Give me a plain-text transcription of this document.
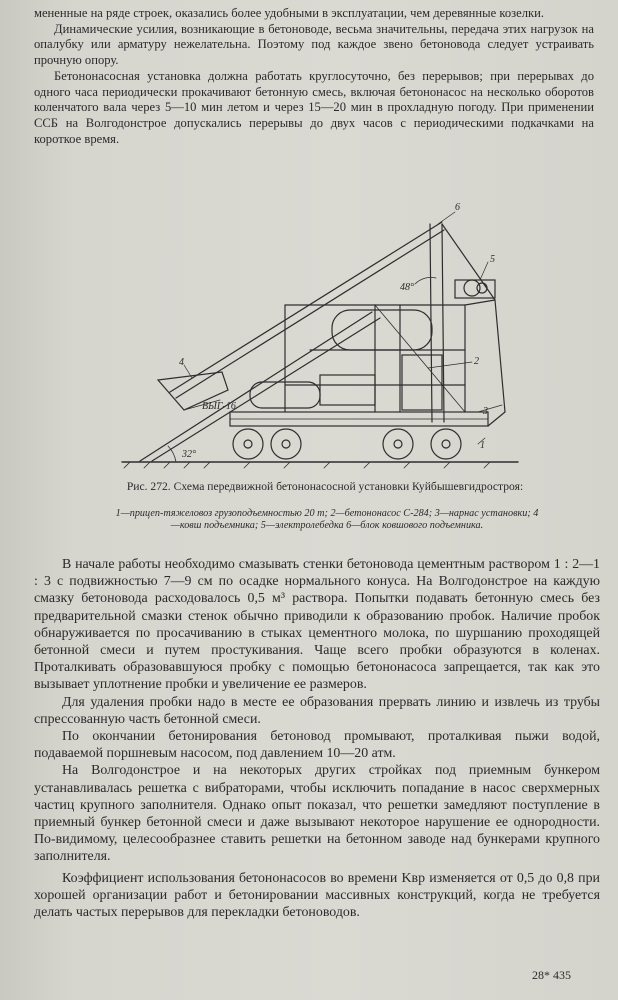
мененные на ряде строек, оказались более удобными в эксплуатации, чем деревянные козелки.

Динамические усилия, возникающие в бетоноводе, весьма значительны, передача этих нагрузок на опалубку или арматуру нежелательна. Поэтому под каждое звено бетоновода следует устраивать прочную опору.

Бетононасосная установка должна работать круглосуточно, без перерывов; при перерывах до одного часа периодически прокачивают бетонную смесь, включая бетононасос на несколько оборотов коленчатого вала через 5—10 мин летом и через 15—20 мин в прохладную погоду. При применении ССБ на Волгодонстрое допускались перерывы до двух часов с периодическими подкачками на короткое время.

6
5
2
3
1
4
48°
32°
ВЫГ-16
Рис. 272. Схема передвижной бетононасосной установки Куйбышевгидростроя:
1—прицеп-тяжеловоз грузоподъемностью 20 т; 2—бетононасос С-284; 3—нарнас установки; 4—ковш подъемника; 5—электролебедка 6—блок ковшового подъемника.

В начале работы необходимо смазывать стенки бетоновода цементным раствором 1 : 2—1 : 3 с подвижностью 7—9 см по осадке нормального конуса. На Волгодонстрое на каждую смазку бетоновода расходовалось 0,5 м³ раствора. Попытки подавать бетонную смесь без предварительной смазки стенок обычно приводили к образованию пробок. Наличие пробок обнаруживается по просачиванию в стыках цементного молока, по шуршанию проходящей бетонной смеси и путем простукивания. Чаще всего пробки образуются в коленах. Проталкивать образовавшуюся пробку с помощью бетононасоса запрещается, так как это вызывает уплотнение пробки и увеличение ее размеров.

Для удаления пробки надо в месте ее образования прервать линию и извлечь из трубы спрессованную часть бетонной смеси.

По окончании бетонирования бетоновод промывают, проталкивая пыжи водой, подаваемой поршневым насосом, под давлением 10—20 атм.

На Волгодонстрое и на некоторых других стройках под приемным бункером устанавливалась решетка с вибраторами, чтобы исключить попадание в насос сверхмерных частиц крупного заполнителя. Однако опыт показал, что решетки замедляют поступление в приемный бункер бетонной смеси и даже вызывают некоторое нарушение ее однородности. По-видимому, целесообразнее ставить решетки на бетонном заводе над бункерами крупного заполнителя.

Коэффициент использования бетононасосов во времени Kвр изменяется от 0,5 до 0,8 при хорошей организации работ и бетонировании массивных конструкций, когда не требуется делать частых перерывов для перекладки бетоноводов.

28* 435
